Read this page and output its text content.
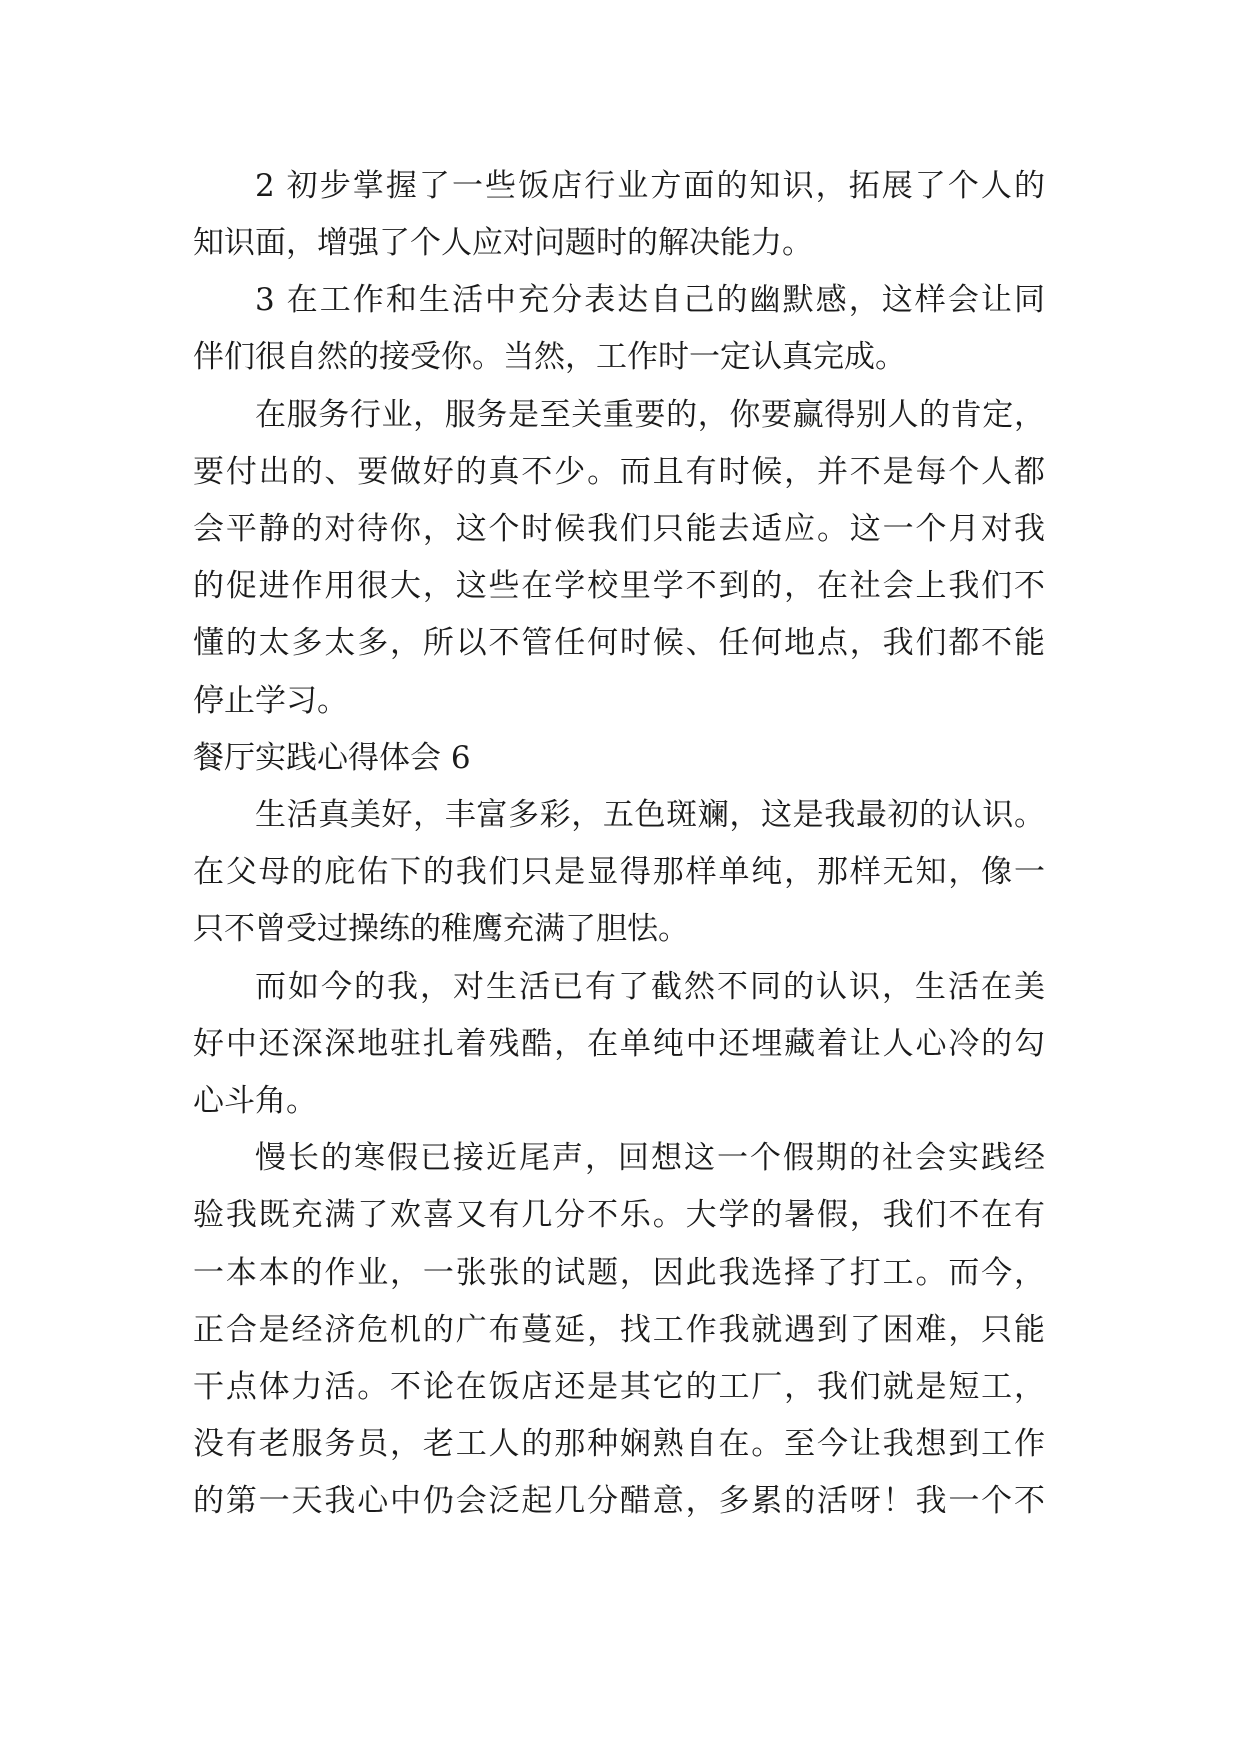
2 初步掌握了一些饭店行业方面的知识，拓展了个人的
知识面，增强了个人应对问题时的解决能力。
3 在工作和生活中充分表达自己的幽默感，这样会让同
伴们很自然的接受你。当然，工作时一定认真完成。
在服务行业，服务是至关重要的，你要赢得别人的肯定，
要付出的、要做好的真不少。而且有时候，并不是每个人都
会平静的对待你，这个时候我们只能去适应。这一个月对我
的促进作用很大，这些在学校里学不到的，在社会上我们不
懂的太多太多，所以不管任何时候、任何地点，我们都不能
停止学习。
餐厅实践心得体会 6
生活真美好，丰富多彩，五色斑斓，这是我最初的认识。
在父母的庇佑下的我们只是显得那样单纯，那样无知，像一
只不曾受过操练的稚鹰充满了胆怯。
而如今的我，对生活已有了截然不同的认识，生活在美
好中还深深地驻扎着残酷，在单纯中还埋藏着让人心冷的勾
心斗角。
慢长的寒假已接近尾声，回想这一个假期的社会实践经
验我既充满了欢喜又有几分不乐。大学的暑假，我们不在有
一本本的作业，一张张的试题，因此我选择了打工。而今，
正合是经济危机的广布蔓延，找工作我就遇到了困难，只能
干点体力活。不论在饭店还是其它的工厂，我们就是短工，
没有老服务员，老工人的那种娴熟自在。至今让我想到工作
的第一天我心中仍会泛起几分醋意，多累的活呀！我一个不
